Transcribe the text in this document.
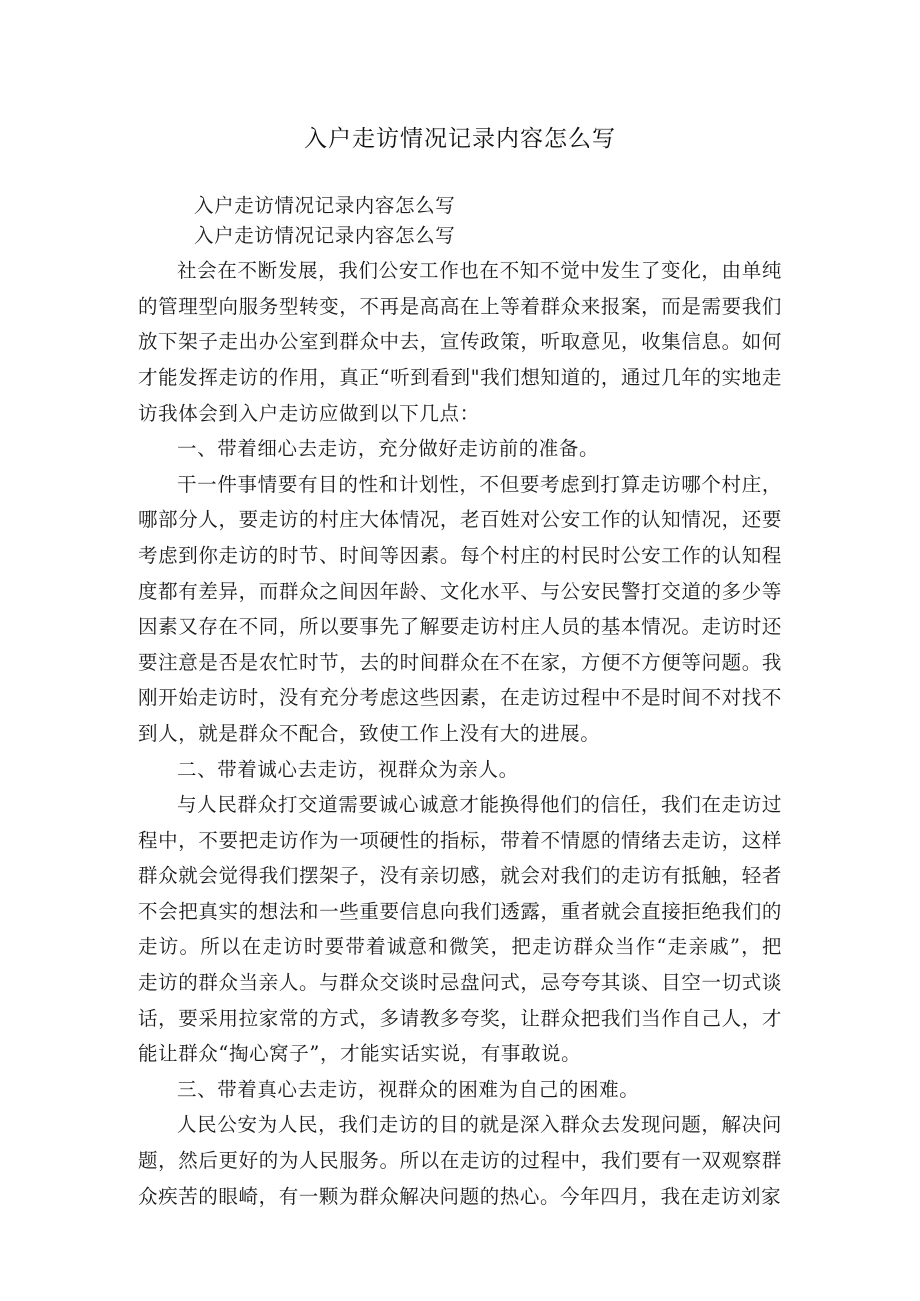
入户走访情况记录内容怎么写

入户走访情况记录内容怎么写

入户走访情况记录内容怎么写

社会在不断发展，我们公安工作也在不知不觉中发生了变化，由单纯的管理型向服务型转变，不再是高高在上等着群众来报案，而是需要我们放下架子走出办公室到群众中去，宣传政策，听取意见，收集信息。如何才能发挥走访的作用，真正“听到看到"我们想知道的，通过几年的实地走访我体会到入户走访应做到以下几点：

一、带着细心去走访，充分做好走访前的准备。

干一件事情要有目的性和计划性，不但要考虑到打算走访哪个村庄，哪部分人，要走访的村庄大体情况，老百姓对公安工作的认知情况，还要考虑到你走访的时节、时间等因素。每个村庄的村民时公安工作的认知程度都有差异，而群众之间因年龄、文化水平、与公安民警打交道的多少等因素又存在不同，所以要事先了解要走访村庄人员的基本情况。走访时还要注意是否是农忙时节，去的时间群众在不在家，方便不方便等问题。我刚开始走访时，没有充分考虑这些因素，在走访过程中不是时间不对找不到人，就是群众不配合，致使工作上没有大的进展。

二、带着诚心去走访，视群众为亲人。

与人民群众打交道需要诚心诚意才能换得他们的信任，我们在走访过程中，不要把走访作为一项硬性的指标，带着不情愿的情绪去走访，这样群众就会觉得我们摆架子，没有亲切感，就会对我们的走访有抵触，轻者不会把真实的想法和一些重要信息向我们透露，重者就会直接拒绝我们的走访。所以在走访时要带着诚意和微笑，把走访群众当作“走亲戚”，把走访的群众当亲人。与群众交谈时忌盘问式，忌夸夸其谈、目空一切式谈话，要采用拉家常的方式，多请教多夸奖，让群众把我们当作自己人，才能让群众“掏心窝子”，才能实话实说，有事敢说。

三、带着真心去走访，视群众的困难为自己的困难。

人民公安为人民，我们走访的目的就是深入群众去发现问题，解决问题，然后更好的为人民服务。所以在走访的过程中，我们要有一双观察群众疾苦的眼崎，有一颗为群众解决问题的热心。今年四月，我在走访刘家
